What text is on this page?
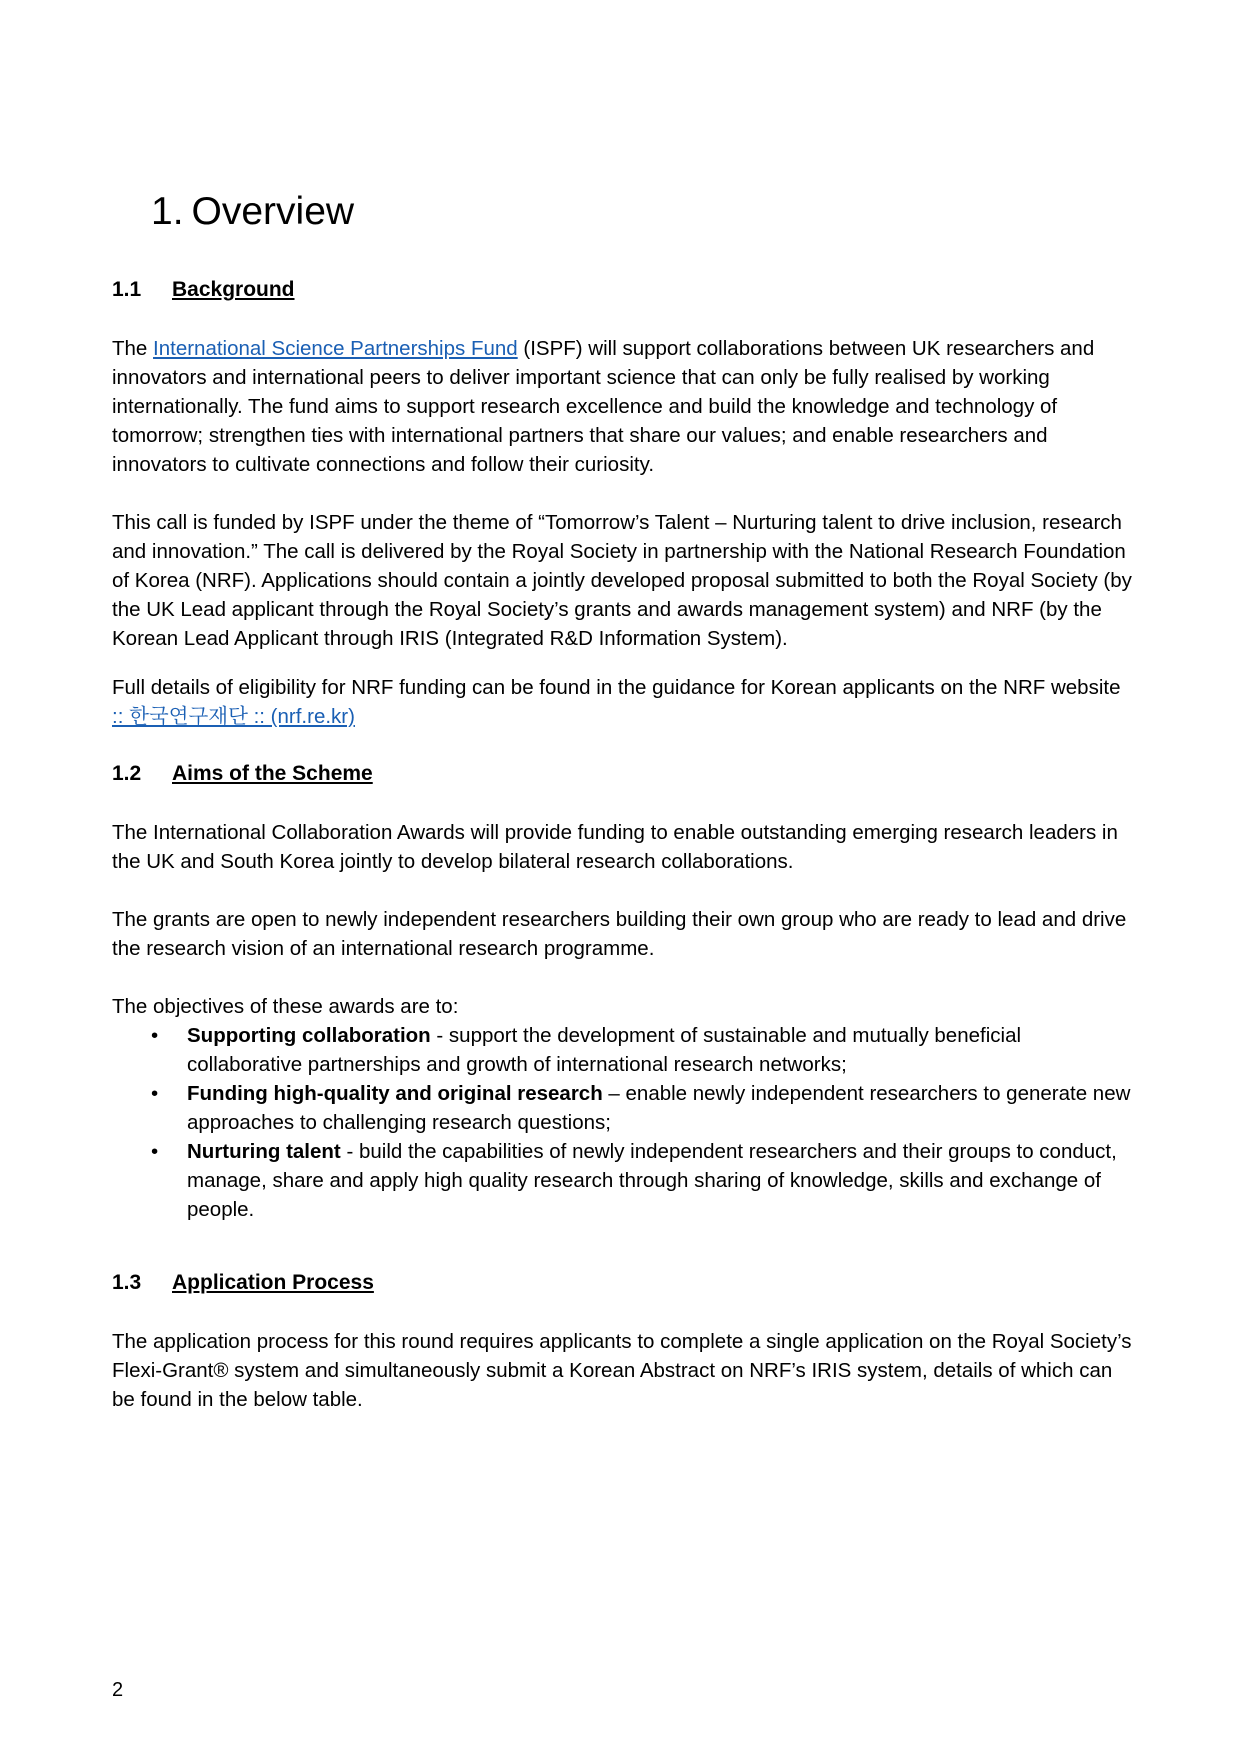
1. Overview
1.1 Background

The International Science Partnerships Fund (ISPF) will support collaborations between UK researchers and innovators and international peers to deliver important science that can only be fully realised by working internationally. The fund aims to support research excellence and build the knowledge and technology of tomorrow; strengthen ties with international partners that share our values; and enable researchers and innovators to cultivate connections and follow their curiosity.

This call is funded by ISPF under the theme of “Tomorrow’s Talent – Nurturing talent to drive inclusion, research and innovation.” The call is delivered by the Royal Society in partnership with the National Research Foundation of Korea (NRF). Applications should contain a jointly developed proposal submitted to both the Royal Society (by the UK Lead applicant through the Royal Society’s grants and awards management system) and NRF (by the Korean Lead Applicant through IRIS (Integrated R&D Information System).

Full details of eligibility for NRF funding can be found in the guidance for Korean applicants on the NRF website :: 한국연구재단 :: (nrf.re.kr)

1.2 Aims of the Scheme

The International Collaboration Awards will provide funding to enable outstanding emerging research leaders in the UK and South Korea jointly to develop bilateral research collaborations.

The grants are open to newly independent researchers building their own group who are ready to lead and drive the research vision of an international research programme.

The objectives of these awards are to:

• Supporting collaboration - support the development of sustainable and mutually beneficial collaborative partnerships and growth of international research networks;
• Funding high-quality and original research – enable newly independent researchers to generate new approaches to challenging research questions;
• Nurturing talent - build the capabilities of newly independent researchers and their groups to conduct, manage, share and apply high quality research through sharing of knowledge, skills and exchange of people.
1.3 Application Process

The application process for this round requires applicants to complete a single application on the Royal Society’s Flexi-Grant® system and simultaneously submit a Korean Abstract on NRF’s IRIS system, details of which can be found in the below table.

2
